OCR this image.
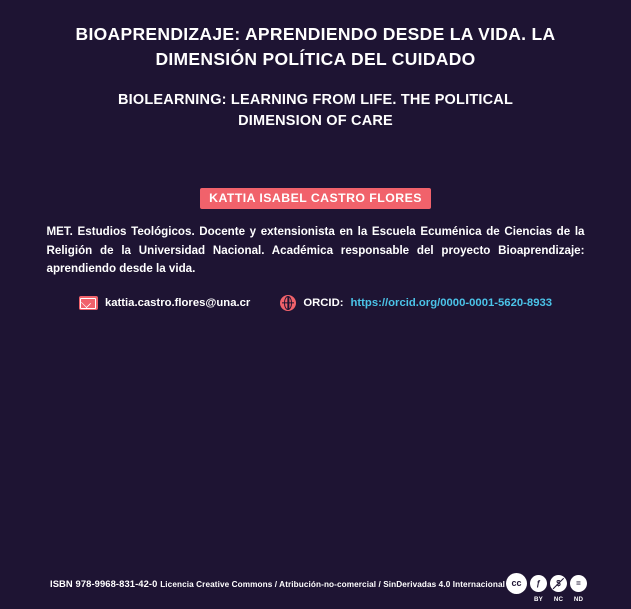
BIOAPRENDIZAJE: APRENDIENDO DESDE LA VIDA. LA DIMENSIÓN POLÍTICA DEL CUIDADO
BIOLEARNING: LEARNING FROM LIFE. THE POLITICAL DIMENSION OF CARE
KATTIA ISABEL CASTRO FLORES

MET. Estudios Teológicos. Docente y extensionista en la Escuela Ecuménica de Ciencias de la Religión de la Universidad Nacional. Académica responsable del proyecto Bioaprendizaje: aprendiendo desde la vida.

kattia.castro.flores@una.cr	ORCID: https://orcid.org/0000-0001-5620-8933
ISBN 978-9968-831-42-0 Licencia Creative Commons / Atribución-no-comercial / SinDerivadas 4.0 Internacional cc	ƒ
BY NC
=
ND
